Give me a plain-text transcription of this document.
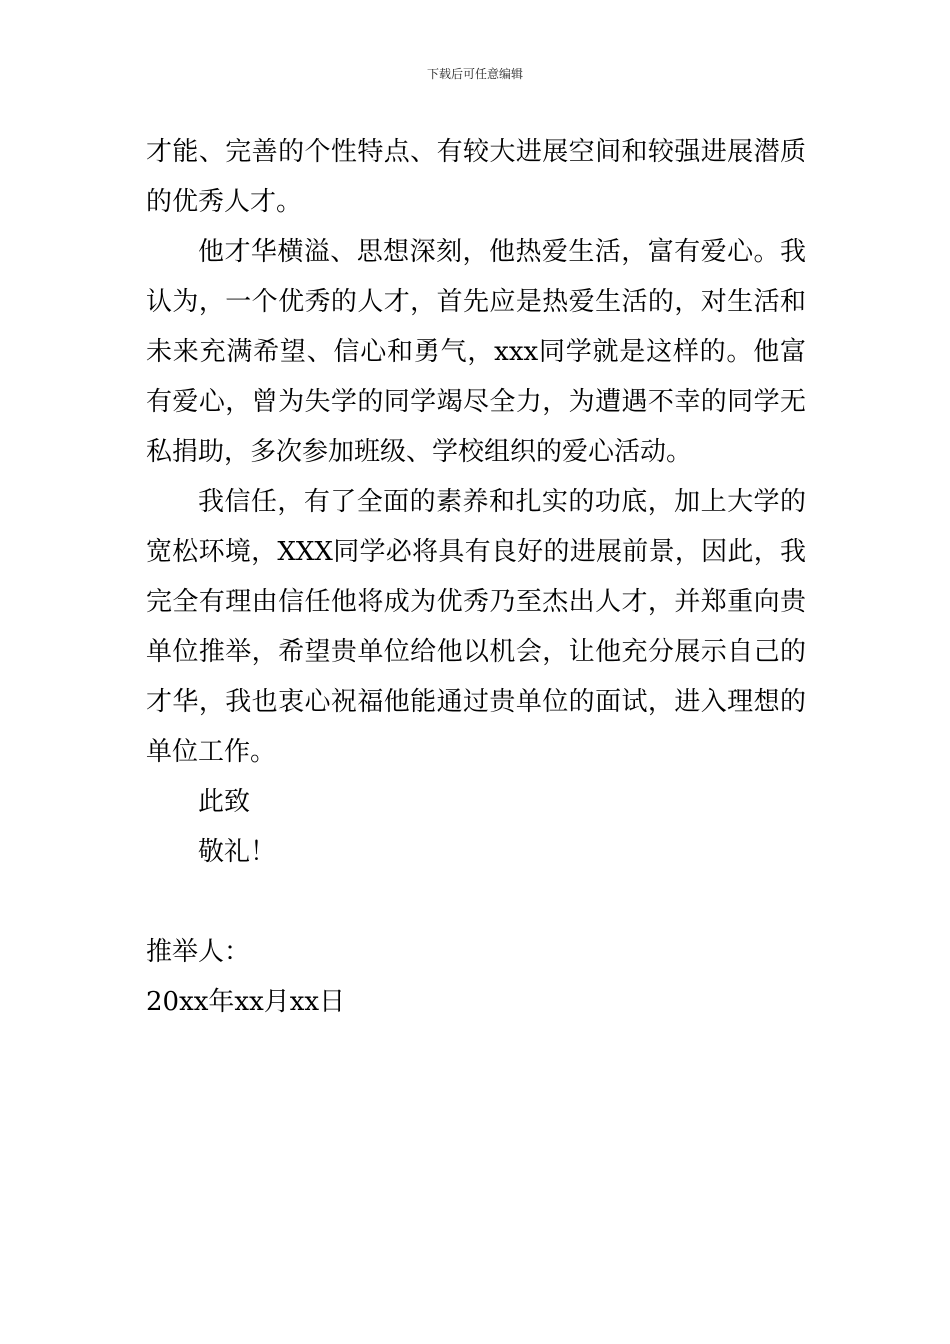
下载后可任意编辑

才能、完善的个性特点、有较大进展空间和较强进展潜质的优秀人才。

他才华横溢、思想深刻，他热爱生活，富有爱心。我认为，一个优秀的人才，首先应是热爱生活的，对生活和未来充满希望、信心和勇气，xxx同学就是这样的。他富有爱心，曾为失学的同学竭尽全力，为遭遇不幸的同学无私捐助，多次参加班级、学校组织的爱心活动。

我信任，有了全面的素养和扎实的功底，加上大学的宽松环境，XXX同学必将具有良好的进展前景，因此，我完全有理由信任他将成为优秀乃至杰出人才，并郑重向贵单位推举，希望贵单位给他以机会，让他充分展示自己的才华，我也衷心祝福他能通过贵单位的面试，进入理想的单位工作。

此致

敬礼！

推举人：

20xx年xx月xx日
